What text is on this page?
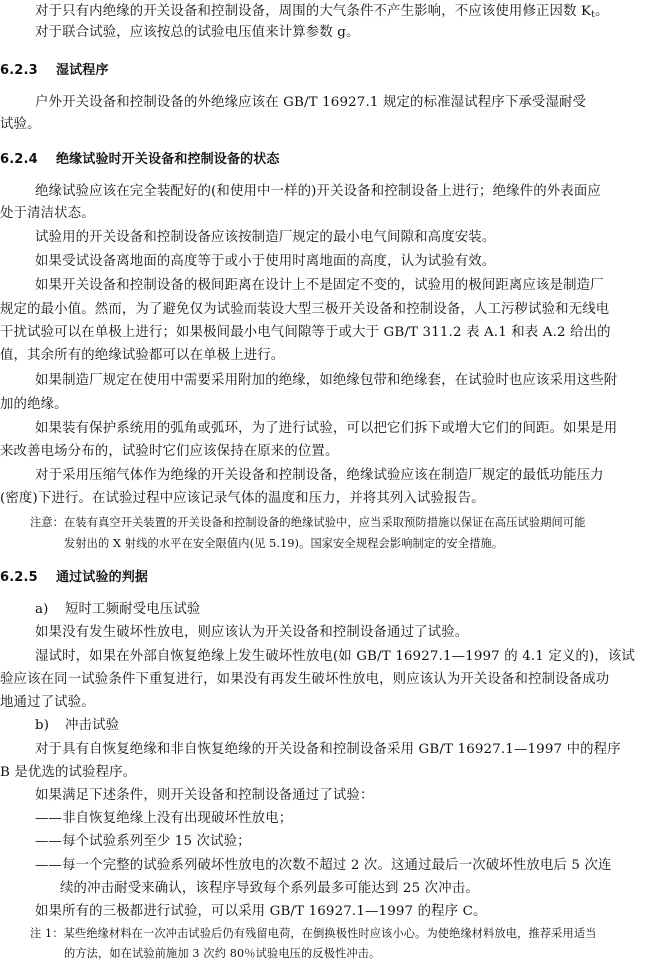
对于只有内绝缘的开关设备和控制设备，周围的大气条件不产生影响，不应该使用修正因数 $K_t$。
对于联合试验，应该按总的试验电压值来计算参数 g。
6.2.3 湿试程序
户外开关设备和控制设备的外绝缘应该在 GB/T 16927.1 规定的标准湿试程序下承受湿耐受
试验。
6.2.4 绝缘试验时开关设备和控制设备的状态
绝缘试验应该在完全装配好的(和使用中一样的)开关设备和控制设备上进行；绝缘件的外表面应
处于清洁状态。
试验用的开关设备和控制设备应该按制造厂规定的最小电气间隙和高度安装。
如果受试设备离地面的高度等于或小于使用时离地面的高度，认为试验有效。
如果开关设备和控制设备的极间距离在设计上不是固定不变的，试验用的极间距离应该是制造厂
规定的最小值。然而，为了避免仅为试验而装设大型三极开关设备和控制设备，人工污秽试验和无线电
干扰试验可以在单极上进行；如果极间最小电气间隙等于或大于 GB/T 311.2 表 A.1 和表 A.2 给出的
值，其余所有的绝缘试验都可以在单极上进行。
如果制造厂规定在使用中需要采用附加的绝缘，如绝缘包带和绝缘套，在试验时也应该采用这些附
加的绝缘。
如果装有保护系统用的弧角或弧环，为了进行试验，可以把它们拆下或增大它们的间距。如果是用
来改善电场分布的，试验时它们应该保持在原来的位置。
对于采用压缩气体作为绝缘的开关设备和控制设备，绝缘试验应该在制造厂规定的最低功能压力
(密度)下进行。在试验过程中应该记录气体的温度和压力，并将其列入试验报告。
注意：在装有真空开关装置的开关设备和控制设备的绝缘试验中，应当采取预防措施以保证在高压试验期间可能
发射出的 X 射线的水平在安全限值内(见 5.19)。国家安全规程会影响制定的安全措施。
6.2.5 通过试验的判据
a) 短时工频耐受电压试验
如果没有发生破坏性放电，则应该认为开关设备和控制设备通过了试验。
湿试时，如果在外部自恢复绝缘上发生破坏性放电(如 GB/T 16927.1—1997 的 4.1 定义的)，该试
验应该在同一试验条件下重复进行，如果没有再发生破坏性放电，则应该认为开关设备和控制设备成功
地通过了试验。
b) 冲击试验
对于具有自恢复绝缘和非自恢复绝缘的开关设备和控制设备采用 GB/T 16927.1—1997 中的程序
B 是优选的试验程序。
如果满足下述条件，则开关设备和控制设备通过了试验：
——非自恢复绝缘上没有出现破坏性放电；
——每个试验系列至少 15 次试验；
——每一个完整的试验系列破坏性放电的次数不超过 2 次。这通过最后一次破坏性放电后 5 次连
续的冲击耐受来确认，该程序导致每个系列最多可能达到 25 次冲击。
如果所有的三极都进行试验，可以采用 GB/T 16927.1—1997 的程序 C。
注 1：某些绝缘材料在一次冲击试验后仍有残留电荷，在倒换极性时应该小心。为使绝缘材料放电，推荐采用适当
的方法，如在试验前施加 3 次约 80％试验电压的反极性冲击。
